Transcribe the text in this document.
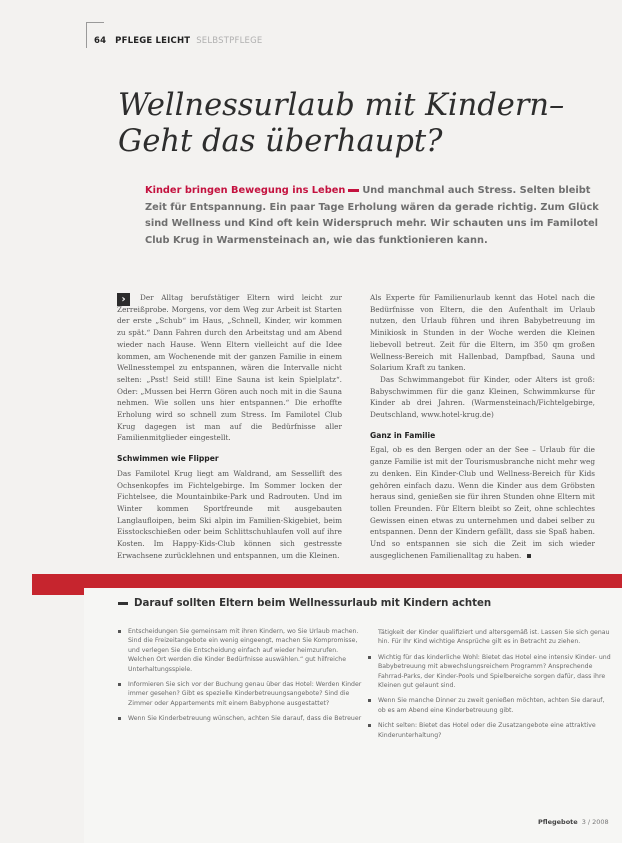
64 PFLEGE LEICHT SELBSTPFLEGE
Wellnessurlaub mit Kindern–
Geht das überhaupt?
Kinder bringen Bewegung ins Leben Und manchmal auch Stress. Selten bleibt Zeit für Entspannung. Ein paar Tage Erholung wären da gerade richtig. Zum Glück sind Wellness und Kind oft kein Widerspruch mehr. Wir schauten uns im Familotel Club Krug in Warmensteinach an, wie das funktionieren kann.
›	Der Alltag berufstätiger Eltern wird leicht zur Zerreißprobe. Morgens, vor dem Weg zur Arbeit ist Starten der erste „Schub“ im Haus, „Schnell, Kinder, wir kommen zu spät.“ Dann Fahren durch den Arbeitstag und am Abend wieder nach Hause. Wenn Eltern vielleicht auf die Idee kommen, am Wochenende mit der ganzen Familie in einem Wellnesstempel zu entspannen, wären die Intervalle nicht selten: „Psst! Seid still! Eine Sauna ist kein Spielplatz“. Oder: „Mussen bei Herrn Gören auch noch mit in die Sauna nehmen. Wie sollen uns hier entspannen.“ Die erhoffte Erholung wird so schnell zum Stress. Im Familotel Club Krug dagegen ist man auf die Bedürfnisse aller Familienmitglieder eingestellt.

Schwimmen wie Flipper

Das Familotel Krug liegt am Waldrand, am Sessellift des Ochsenkopfes im Fichtelgebirge. Im Sommer locken der Fichtelsee, die Mountainbike-Park und Radrouten. Und im Winter kommen Sportfreunde mit ausgebauten Langlaufloipen, beim Ski alpin im Familien-Skigebiet, beim Eisstockschießen oder beim Schlittschuhlaufen voll auf ihre Kosten. Im Happy-Kids-Club können sich gestresste Erwachsene zurücklehnen und entspannen, um die Kleinen.

Als Experte für Familienurlaub kennt das Hotel nach die Bedürfnisse von Eltern, die den Aufenthalt im Urlaub nutzen, den Urlaub führen und ihren Babybetreuung im Minikiosk in Stunden in der Woche werden die Kleinen liebevoll betreut. Zeit für die Eltern, im 350 qm großen Wellness-Bereich mit Hallenbad, Dampfbad, Sauna und Solarium Kraft zu tanken.

Das Schwimmangebot für Kinder, oder Alters ist groß: Babyschwimmen für die ganz Kleinen, Schwimmkurse für Kinder ab drei Jahren. (Warmensteinach/Fichtelgebirge, Deutschland, www.hotel-krug.de)

Ganz in Familie

Egal, ob es den Bergen oder an der See – Urlaub für die ganze Familie ist mit der Tourismusbranche nicht mehr weg zu denken. Ein Kinder-Club und Wellness-Bereich für Kids gehören einfach dazu. Wenn die Kinder aus dem Gröbsten heraus sind, genießen sie für ihren Stunden ohne Eltern mit tollen Freunden. Für Eltern bleibt so Zeit, ohne schlechtes Gewissen einen etwas zu unternehmen und dabei selber zu entspannen. Denn der Kindern gefällt, dass sie Spaß haben. Und so entspannen sie sich die Zeit im sich wieder ausgeglichenen Familienalltag zu haben.

Darauf sollten Eltern beim Wellnessurlaub mit Kindern achten
Entscheidungen Sie gemeinsam mit ihren Kindern, wo Sie Urlaub machen. Sind die Freizeitangebote ein wenig eingeengt, machen Sie Kompromisse, und verlegen Sie die Entscheidung einfach auf wieder heimzurufen. Welchen Ort werden die Kinder Bedürfnisse auswählen.“ gut hilfreiche Unterhaltungsspiele.
Informieren Sie sich vor der Buchung genau über das Hotel: Werden Kinder immer gesehen? Gibt es spezielle Kinderbetreuungsangebote? Sind die Zimmer oder Appartements mit einem Babyphone ausgestattet?
Wenn Sie Kinderbetreuung wünschen, achten Sie darauf, dass die Betreuer
Tätigkeit der Kinder qualifiziert und altersgemäß ist. Lassen Sie sich genau hin. Für Ihr Kind wichtige Ansprüche gilt es in Betracht zu ziehen.
Wichtig für das kinderliche Wohl: Bietet das Hotel eine intensiv Kinder- und Babybetreuung mit abwechslungsreichem Programm? Ansprechende Fahrrad-Parks, der Kinder-Pools und Spielbereiche sorgen dafür, dass ihre Kleinen gut gelaunt sind.
Wenn Sie manche Dinner zu zweit genießen möchten, achten Sie darauf, ob es am Abend eine Kinderbetreuung gibt.
Nicht selten: Bietet das Hotel oder die Zusatzangebote eine attraktive Kinderunterhaltung?
Pflegebote 3 / 2008
